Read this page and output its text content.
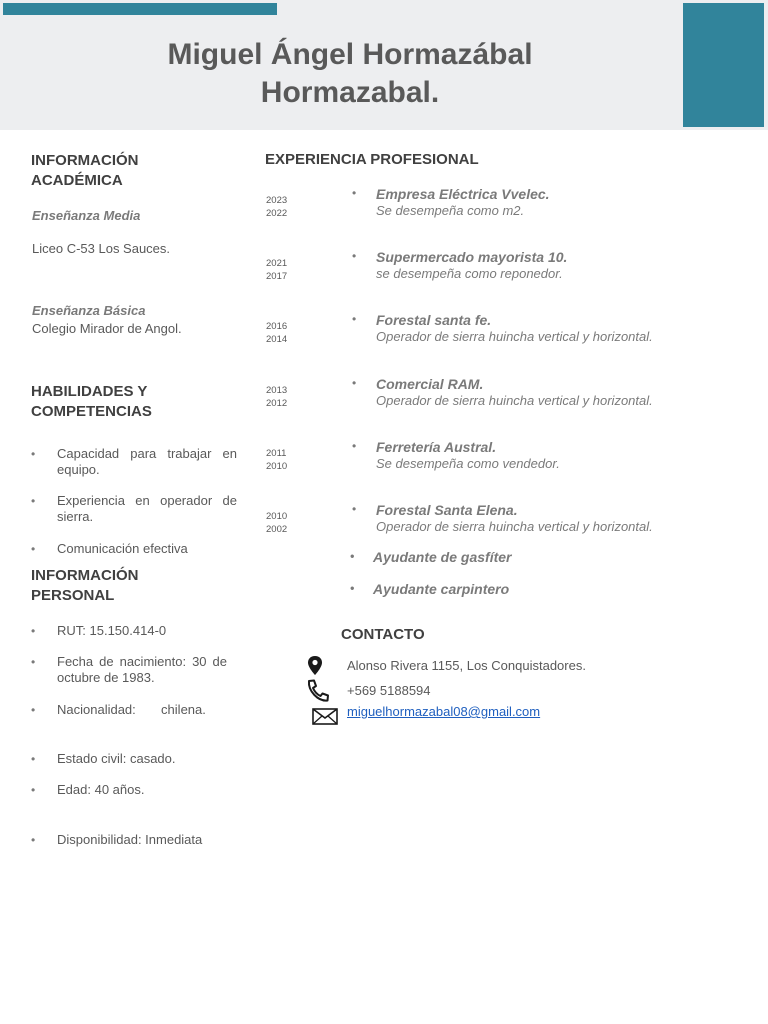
Miguel Ángel Hormazábal
Hormazabal.
INFORMACIÓN
ACADÉMICA
Enseñanza Media
Liceo C-53 Los Sauces.
Enseñanza Básica
Colegio Mirador de Angol.
HABILIDADES Y
COMPETENCIAS
• Capacidad para trabajar en equipo.
• Experiencia en operador de sierra.
• Comunicación efectiva
INFORMACIÓN
PERSONAL
• RUT: 15.150.414-0
• Fecha de nacimiento: 30 de octubre de 1983.
• Nacionalidad:       chilena.
• Estado civil: casado.
• Edad: 40 años.
• Disponibilidad: Inmediata
EXPERIENCIA PROFESIONAL
2023
2022
• Empresa Eléctrica Vvelec.
Se desempeña como m2.
2021
2017
• Supermercado mayorista 10.
se desempeña como reponedor.
2016
2014
• Forestal santa fe.
Operador de sierra huincha vertical y horizontal.
2013
2012
• Comercial RAM.
Operador de sierra huincha vertical y horizontal.
2011
2010
• Ferretería Austral.
Se desempeña como vendedor.
2010
2002
• Forestal Santa Elena.
Operador de sierra huincha vertical y horizontal.
• Ayudante de gasfíter
• Ayudante carpintero
CONTACTO
Alonso Rivera 1155, Los Conquistadores.
+569 5188594
miguelhormazabal08@gmail.com
